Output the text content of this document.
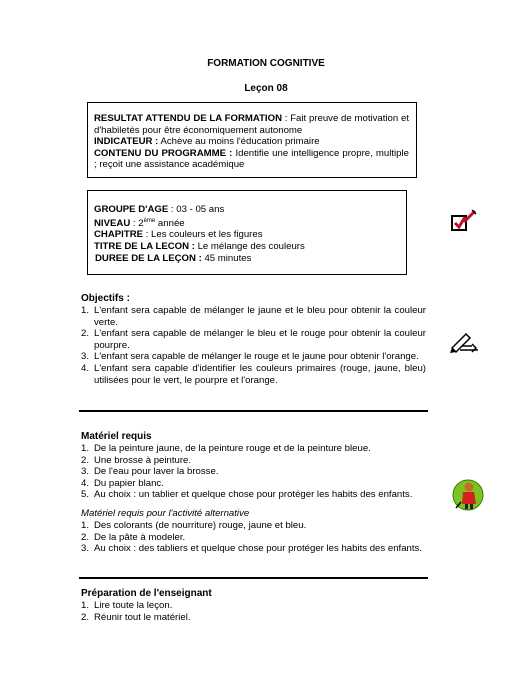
FORMATION COGNITIVE
Leçon 08

RESULTAT ATTENDU DE LA FORMATION : Fait preuve de motivation et d'habiletés pour être économiquement autonome

INDICATEUR : Achève au moins l'éducation primaire

CONTENU DU PROGRAMME : Identifie une intelligence propre, multiple ; reçoit une assistance académique

GROUPE D'AGE : 03 - 05 ans

NIVEAU : 2ème année

CHAPITRE : Les couleurs et les figures

TITRE DE LA LECON : Le mélange des couleurs

DUREE DE LA LEÇON : 45 minutes

Objectifs :
1. L'enfant sera capable de mélanger le jaune et le bleu pour obtenir la couleur verte.
2. L'enfant sera capable de mélanger le bleu et le rouge pour obtenir la couleur pourpre.
3. L'enfant sera capable de mélanger le rouge et le jaune pour obtenir l'orange.
4. L'enfant sera capable d'identifier les couleurs primaires (rouge, jaune, bleu) utilisées pour le vert, le pourpre et l'orange.
Matériel requis
1. De la peinture jaune, de la peinture rouge et de la peinture bleue.
2. Une brosse à peinture.
3. De l'eau pour laver la brosse.
4. Du papier blanc.
5. Au choix : un tablier et quelque chose pour protéger les habits des enfants.
Matériel requis pour l'activité alternative
1. Des colorants (de nourriture) rouge, jaune et bleu.
2. De la pâte à modeler.
3. Au choix : des tabliers et quelque chose pour protéger les habits des enfants.
Préparation de l'enseignant
1. Lire toute la leçon.
2. Réunir tout le matériel.
